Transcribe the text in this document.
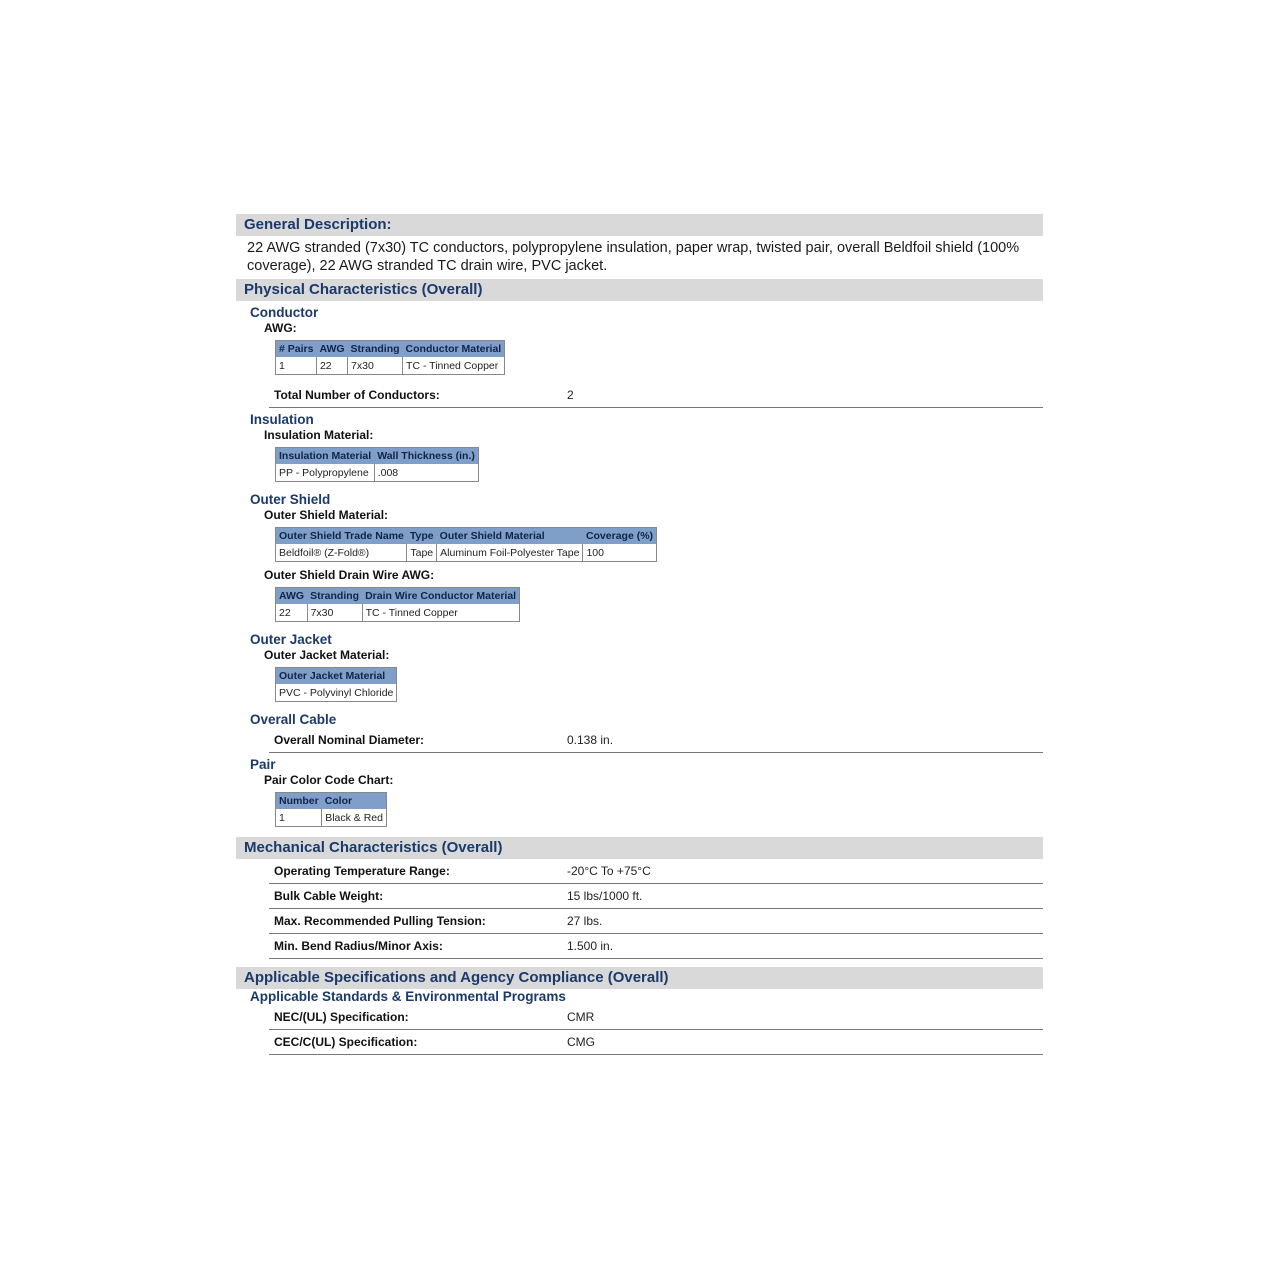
General Description:
22 AWG stranded (7x30) TC conductors, polypropylene insulation, paper wrap, twisted pair, overall Beldfoil shield (100% coverage), 22 AWG stranded TC drain wire, PVC jacket.
Physical Characteristics (Overall)
Conductor
AWG:
# Pairs	AWG	Stranding	Conductor Material
1	22	7x30	TC - Tinned Copper
Total Number of Conductors:	2
Insulation
Insulation Material:
Insulation Material	Wall Thickness (in.)
PP - Polypropylene	.008
Outer Shield
Outer Shield Material:
Outer Shield Trade Name	Type	Outer Shield Material	Coverage (%)
Beldfoil® (Z-Fold®)	Tape	Aluminum Foil-Polyester Tape	100
Outer Shield Drain Wire AWG:
AWG	Stranding	Drain Wire Conductor Material
22	7x30	TC - Tinned Copper
Outer Jacket
Outer Jacket Material:
Outer Jacket Material
PVC - Polyvinyl Chloride
Overall Cable
Overall Nominal Diameter:	0.138 in.
Pair
Pair Color Code Chart:
Number	Color
1	Black & Red
Mechanical Characteristics (Overall)
Operating Temperature Range:	-20°C To +75°C
Bulk Cable Weight:	15 lbs/1000 ft.
Max. Recommended Pulling Tension:	27 lbs.
Min. Bend Radius/Minor Axis:	1.500 in.
Applicable Specifications and Agency Compliance (Overall)
Applicable Standards & Environmental Programs
NEC/(UL) Specification:	CMR
CEC/C(UL) Specification:	CMG
